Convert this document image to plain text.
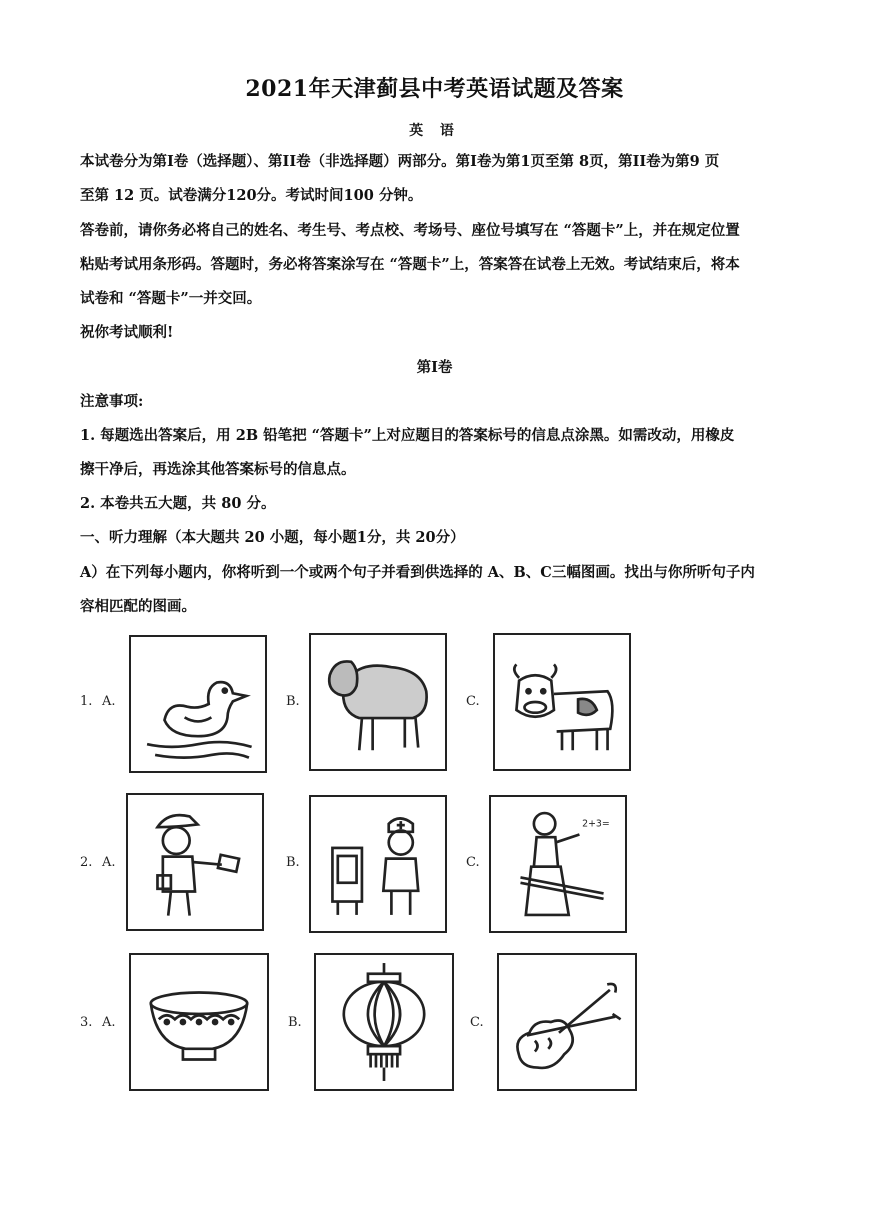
2021年天津蓟县中考英语试题及答案
英 语
本试卷分为第Ⅰ卷（选择题）、第II卷（非选择题）两部分。第Ⅰ卷为第1页至第 8页，第II卷为第9 页
至第 12 页。试卷满分120分。考试时间100 分钟。
答卷前，请你务必将自己的姓名、考生号、考点校、考场号、座位号填写在 “答题卡”上，并在规定位置
粘贴考试用条形码。答题时，务必将答案涂写在 “答题卡”上，答案答在试卷上无效。考试结束后，将本
试卷和 “答题卡”一并交回。
祝你考试顺利!
第Ⅰ卷
注意事项:
1. 每题选出答案后，用 2B 铅笔把 “答题卡”上对应题目的答案标号的信息点涂黑。如需改动，用橡皮
擦干净后，再选涂其他答案标号的信息点。
2. 本卷共五大题，共 80 分。
一、听力理解（本大题共 20 小题，每小题1分，共 20分）
A）在下列每小题内，你将听到一个或两个句子并看到供选择的 A、B、C三幅图画。找出与你所听句子内
容相匹配的图画。
1. A.	B.	C.
2. A.	B.	C.
2+3=
3. A.	B.	C.
